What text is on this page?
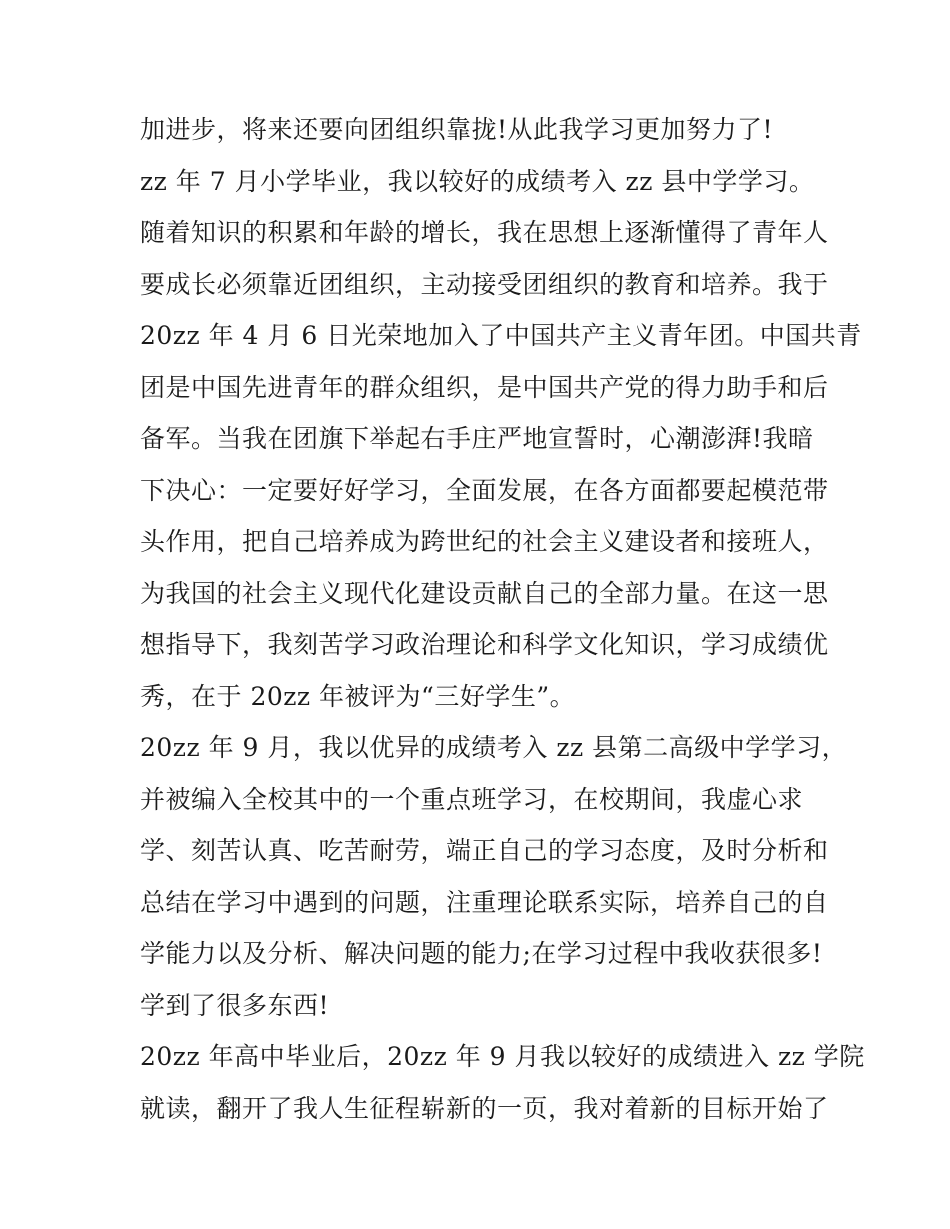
加进步，将来还要向团组织靠拢!从此我学习更加努力了!
zz 年 7 月小学毕业，我以较好的成绩考入 zz 县中学学习。
随着知识的积累和年龄的增长，我在思想上逐渐懂得了青年人
要成长必须靠近团组织，主动接受团组织的教育和培养。我于
20zz 年 4 月 6 日光荣地加入了中国共产主义青年团。中国共青
团是中国先进青年的群众组织，是中国共产党的得力助手和后
备军。当我在团旗下举起右手庄严地宣誓时，心潮澎湃!我暗
下决心：一定要好好学习，全面发展，在各方面都要起模范带
头作用，把自己培养成为跨世纪的社会主义建设者和接班人，
为我国的社会主义现代化建设贡献自己的全部力量。在这一思
想指导下，我刻苦学习政治理论和科学文化知识，学习成绩优
秀，在于 20zz 年被评为“三好学生”。
20zz 年 9 月，我以优异的成绩考入 zz 县第二高级中学学习，
并被编入全校其中的一个重点班学习，在校期间，我虚心求
学、刻苦认真、吃苦耐劳，端正自己的学习态度，及时分析和
总结在学习中遇到的问题，注重理论联系实际，培养自己的自
学能力以及分析、解决问题的能力;在学习过程中我收获很多!
学到了很多东西!
20zz 年高中毕业后，20zz 年 9 月我以较好的成绩进入 zz 学院
就读，翻开了我人生征程崭新的一页，我对着新的目标开始了
